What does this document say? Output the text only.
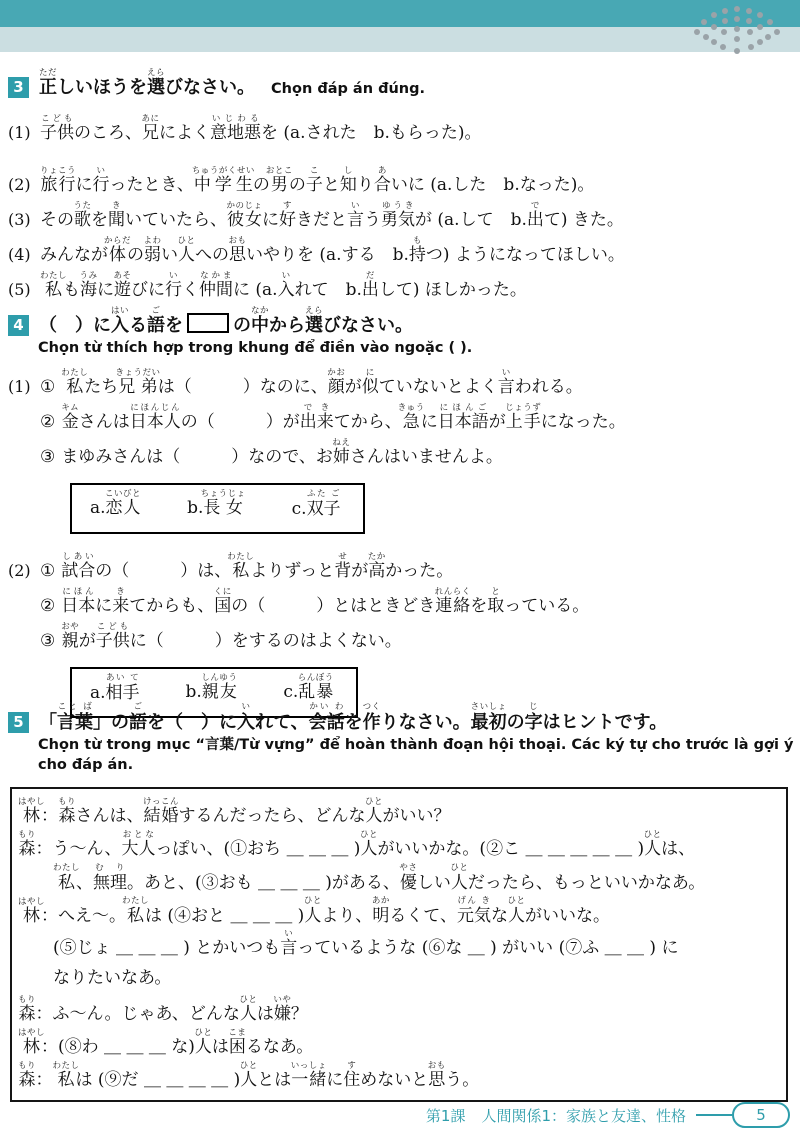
3 正ただしいほうを選えらびなさい。 Chọn đáp án đúng.
(1) 子供こどものころ、兄あにによく意地悪いじわるを (a.された　b.もらった)。
(2) 旅行りょこうに行いったとき、中学生ちゅうがくせいの男おとこの子こと知しり合あいに (a.した　b.なった)。
(3) その歌うたを聞きいていたら、彼女かのじょに好すきだと言いう勇気ゆうきが (a.して　b.出でて) きた。
(4) みんなが体からだの弱よわい人ひとへの思おもいやりを (a.する　b.持もつ) ようになってほしい。
(5) 私わたしも海うみに遊あそびに行いく仲間なかまに (a.入いれて　b.出だして) ほしかった。
4 （　）に入はいる語ごを	の中なかから選えらびなさい。
Chọn từ thích hợp trong khung để điền vào ngoặc ( ).
(1) ① 私わたしたち兄弟きょうだいは（　　　）なのに、顔かおが似にていないとよく言いわれる。
② 金キムさんは日本人にほんじんの（　　　）が出来できてから、急きゅうに日本語にほんごが上手じょうずになった。
③ まゆみさんは（　　　）なので、お姉ねえさんはいませんよ。
a.恋人こいびと
b.長女ちょうじょ
c.双子ふた ご
(2) ① 試合しあいの（　　　）は、私わたしよりずっと背せが高たかかった。
② 日本にほんに来きてからも、国くにの（　　　）とはときどき連絡れんらくを取とっている。
③ 親おやが子供こどもに（　　　）をするのはよくない。
a.相手あい て
b.親友しんゆう
c.乱暴らんぼう
5 「言葉こと ば」の語ごを（　）に入いれて、会話かい わを作つくりなさい。最初さいしょの字じはヒントです。
Chọn từ trong mục “言葉/Từ vựng” để hoàn thành đoạn hội thoại. Các ký tự cho trước là gợi ý cho đáp án.
林はやし： 森もりさんは、結婚けっこんするんだったら、どんな人ひとがいい？
森もり： う～ん、大人おとなっぽい、(①おち ＿ ＿ ＿ )人ひとがいいかな。(②こ ＿ ＿ ＿ ＿ ＿ )人ひとは、
私わたし、無理む り。あと、(③おも ＿ ＿ ＿ )がある、優やさしい人ひとだったら、もっといいかなあ。
林はやし： へえ～。私わたしは (④おと ＿ ＿ ＿ )人ひとより、明あかるくて、元気げん きな人ひとがいいな。
(⑤じょ ＿ ＿ ＿ ) とかいつも言いっているような (⑥な ＿ ) がいい (⑦ふ ＿ ＿ ) に
なりたいなあ。
森もり： ふ～ん。じゃあ、どんな人ひとは嫌いや？
林はやし： (⑧わ ＿ ＿ ＿ な)人ひとは困こまるなあ。
森もり： 私わたしは (⑨だ ＿ ＿ ＿ ＿ )人ひととは一緒いっしょに住すめないと思おもう。
第1課 人間関係1：家族と友達、性格	5
